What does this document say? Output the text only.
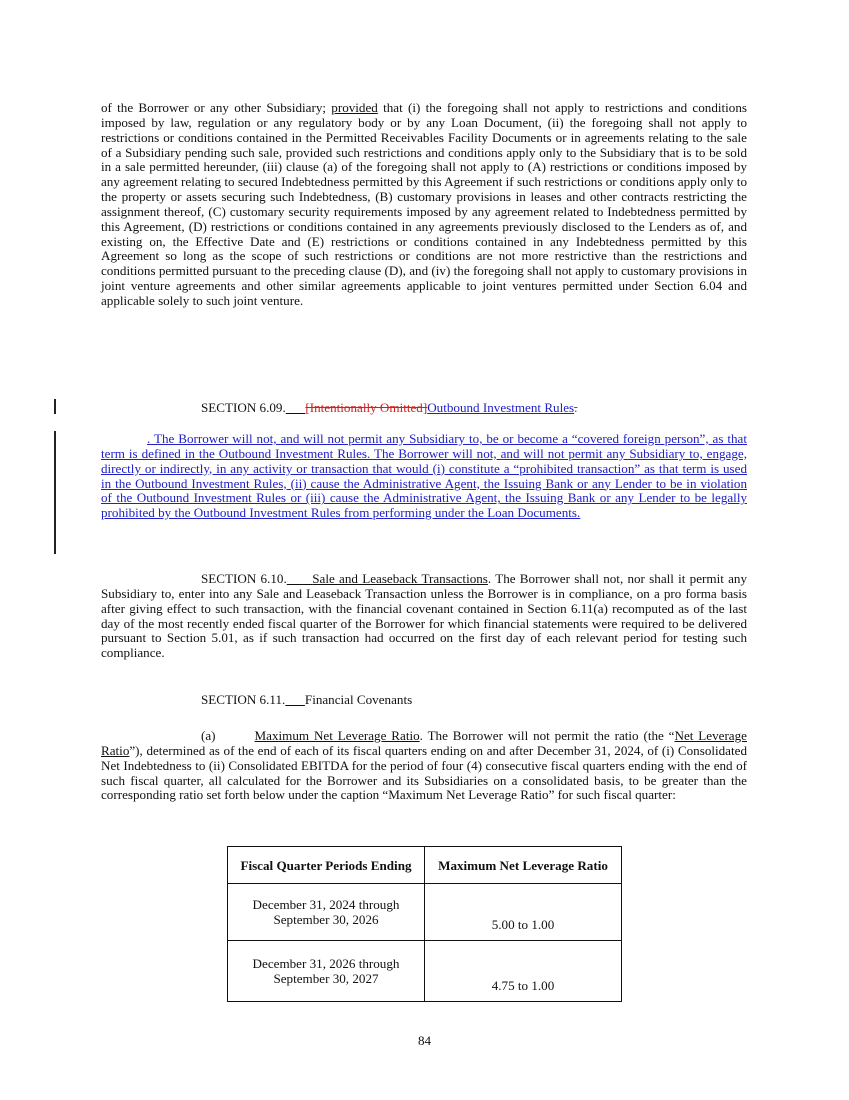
of the Borrower or any other Subsidiary; provided that (i) the foregoing shall not apply to restrictions and conditions imposed by law, regulation or any regulatory body or by any Loan Document, (ii) the foregoing shall not apply to restrictions or conditions contained in the Permitted Receivables Facility Documents or in agreements relating to the sale of a Subsidiary pending such sale, provided such restrictions and conditions apply only to the Subsidiary that is to be sold in a sale permitted hereunder, (iii) clause (a) of the foregoing shall not apply to (A) restrictions or conditions imposed by any agreement relating to secured Indebtedness permitted by this Agreement if such restrictions or conditions apply only to the property or assets securing such Indebtedness, (B) customary provisions in leases and other contracts restricting the assignment thereof, (C) customary security requirements imposed by any agreement related to Indebtedness permitted by this Agreement, (D) restrictions or conditions contained in any agreements previously disclosed to the Lenders as of, and existing on, the Effective Date and (E) restrictions or conditions contained in any Indebtedness permitted by this Agreement so long as the scope of such restrictions or conditions are not more restrictive than the restrictions and conditions permitted pursuant to the preceding clause (D), and (iv) the foregoing shall not apply to customary provisions in joint venture agreements and other similar agreements applicable to joint ventures permitted under Section 6.04 and applicable solely to such joint venture.
SECTION 6.09. [Intentionally Omitted]Outbound Investment Rules.
. The Borrower will not, and will not permit any Subsidiary to, be or become a “covered foreign person”, as that term is defined in the Outbound Investment Rules. The Borrower will not, and will not permit any Subsidiary to, engage, directly or indirectly, in any activity or transaction that would (i) constitute a “prohibited transaction” as that term is used in the Outbound Investment Rules, (ii) cause the Administrative Agent, the Issuing Bank or any Lender to be in violation of the Outbound Investment Rules or (iii) cause the Administrative Agent, the Issuing Bank or any Lender to be legally prohibited by the Outbound Investment Rules from performing under the Loan Documents.
SECTION 6.10. Sale and Leaseback Transactions. The Borrower shall not, nor shall it permit any Subsidiary to, enter into any Sale and Leaseback Transaction unless the Borrower is in compliance, on a pro forma basis after giving effect to such transaction, with the financial covenant contained in Section 6.11(a) recomputed as of the last day of the most recently ended fiscal quarter of the Borrower for which financial statements were required to be delivered pursuant to Section 5.01, as if such transaction had occurred on the first day of each relevant period for testing such compliance.
SECTION 6.11. Financial Covenants
(a)	Maximum Net Leverage Ratio. The Borrower will not permit the ratio (the “Net Leverage Ratio”), determined as of the end of each of its fiscal quarters ending on and after December 31, 2024, of (i) Consolidated Net Indebtedness to (ii) Consolidated EBITDA for the period of four (4) consecutive fiscal quarters ending with the end of such fiscal quarter, all calculated for the Borrower and its Subsidiaries on a consolidated basis, to be greater than the corresponding ratio set forth below under the caption “Maximum Net Leverage Ratio” for such fiscal quarter:
Fiscal Quarter Periods Ending	Maximum Net Leverage Ratio
December 31, 2024 through September 30, 2026	5.00 to 1.00
December 31, 2026 through September 30, 2027	4.75 to 1.00
84
